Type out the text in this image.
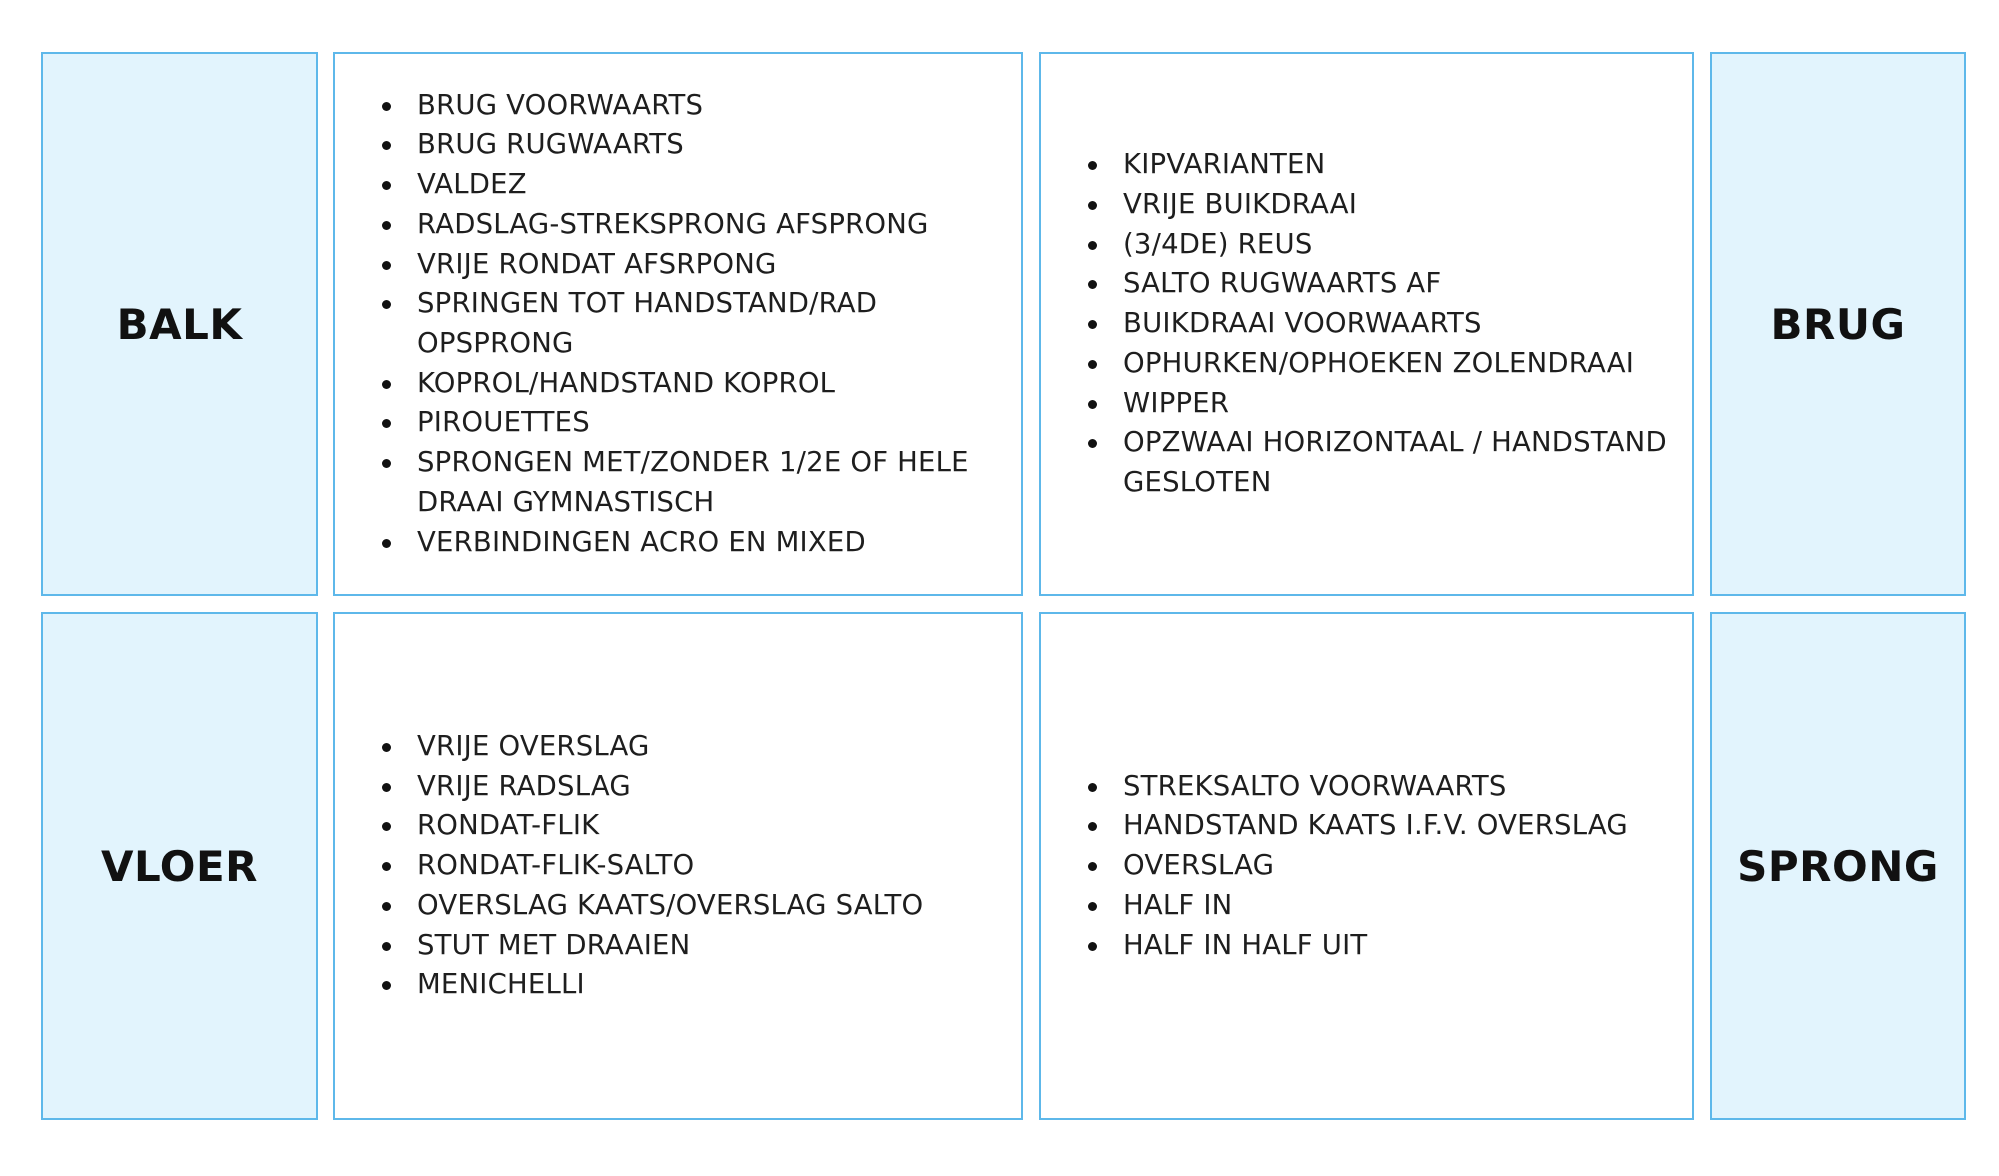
BALK
BRUG VOORWAARTS
BRUG RUGWAARTS
VALDEZ
RADSLAG-STREKSPRONG AFSPRONG
VRIJE RONDAT AFSRPONG
SPRINGEN TOT HANDSTAND/RAD OPSPRONG
KOPROL/HANDSTAND KOPROL
PIROUETTES
SPRONGEN MET/ZONDER 1/2E OF HELE DRAAI GYMNASTISCH
VERBINDINGEN ACRO EN MIXED
KIPVARIANTEN
VRIJE BUIKDRAAI
(3/4DE) REUS
SALTO RUGWAARTS AF
BUIKDRAAI VOORWAARTS
OPHURKEN/OPHOEKEN ZOLENDRAAI
WIPPER
OPZWAAI HORIZONTAAL / HANDSTAND GESLOTEN
BRUG
VLOER
VRIJE OVERSLAG
VRIJE RADSLAG
RONDAT-FLIK
RONDAT-FLIK-SALTO
OVERSLAG KAATS/OVERSLAG SALTO
STUT MET DRAAIEN
MENICHELLI
STREKSALTO VOORWAARTS
HANDSTAND KAATS I.F.V. OVERSLAG
OVERSLAG
HALF IN
HALF IN HALF UIT
SPRONG
